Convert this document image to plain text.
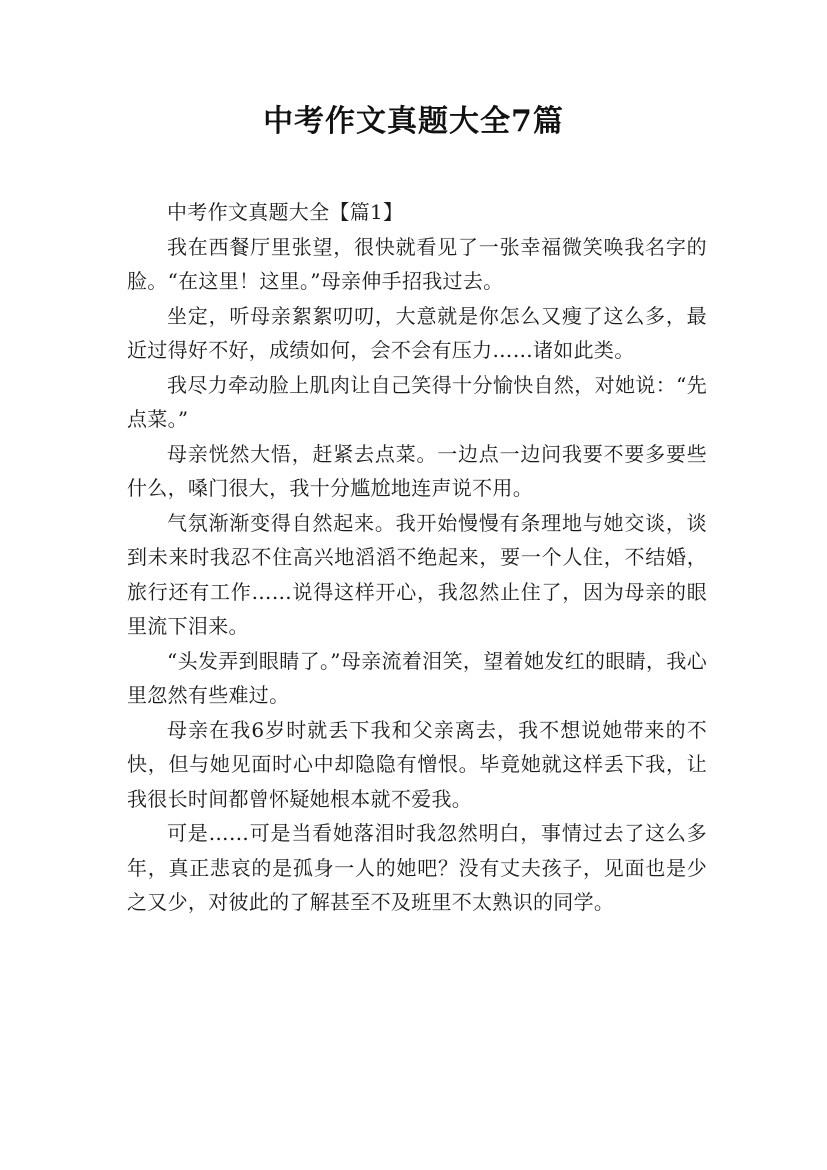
中考作文真题大全7篇

中考作文真题大全【篇1】

我在西餐厅里张望，很快就看见了一张幸福微笑唤我名字的脸。“在这里！这里。”母亲伸手招我过去。

坐定，听母亲絮絮叨叨，大意就是你怎么又瘦了这么多，最近过得好不好，成绩如何，会不会有压力……诸如此类。

我尽力牵动脸上肌肉让自己笑得十分愉快自然，对她说：“先点菜。”

母亲恍然大悟，赶紧去点菜。一边点一边问我要不要多要些什么，嗓门很大，我十分尴尬地连声说不用。

气氛渐渐变得自然起来。我开始慢慢有条理地与她交谈，谈到未来时我忍不住高兴地滔滔不绝起来，要一个人住，不结婚，旅行还有工作……说得这样开心，我忽然止住了，因为母亲的眼里流下泪来。

“头发弄到眼睛了。”母亲流着泪笑，望着她发红的眼睛，我心里忽然有些难过。

母亲在我6岁时就丢下我和父亲离去，我不想说她带来的不快，但与她见面时心中却隐隐有憎恨。毕竟她就这样丢下我，让我很长时间都曾怀疑她根本就不爱我。

可是……可是当看她落泪时我忽然明白，事情过去了这么多年，真正悲哀的是孤身一人的她吧？没有丈夫孩子，见面也是少之又少，对彼此的了解甚至不及班里不太熟识的同学。
